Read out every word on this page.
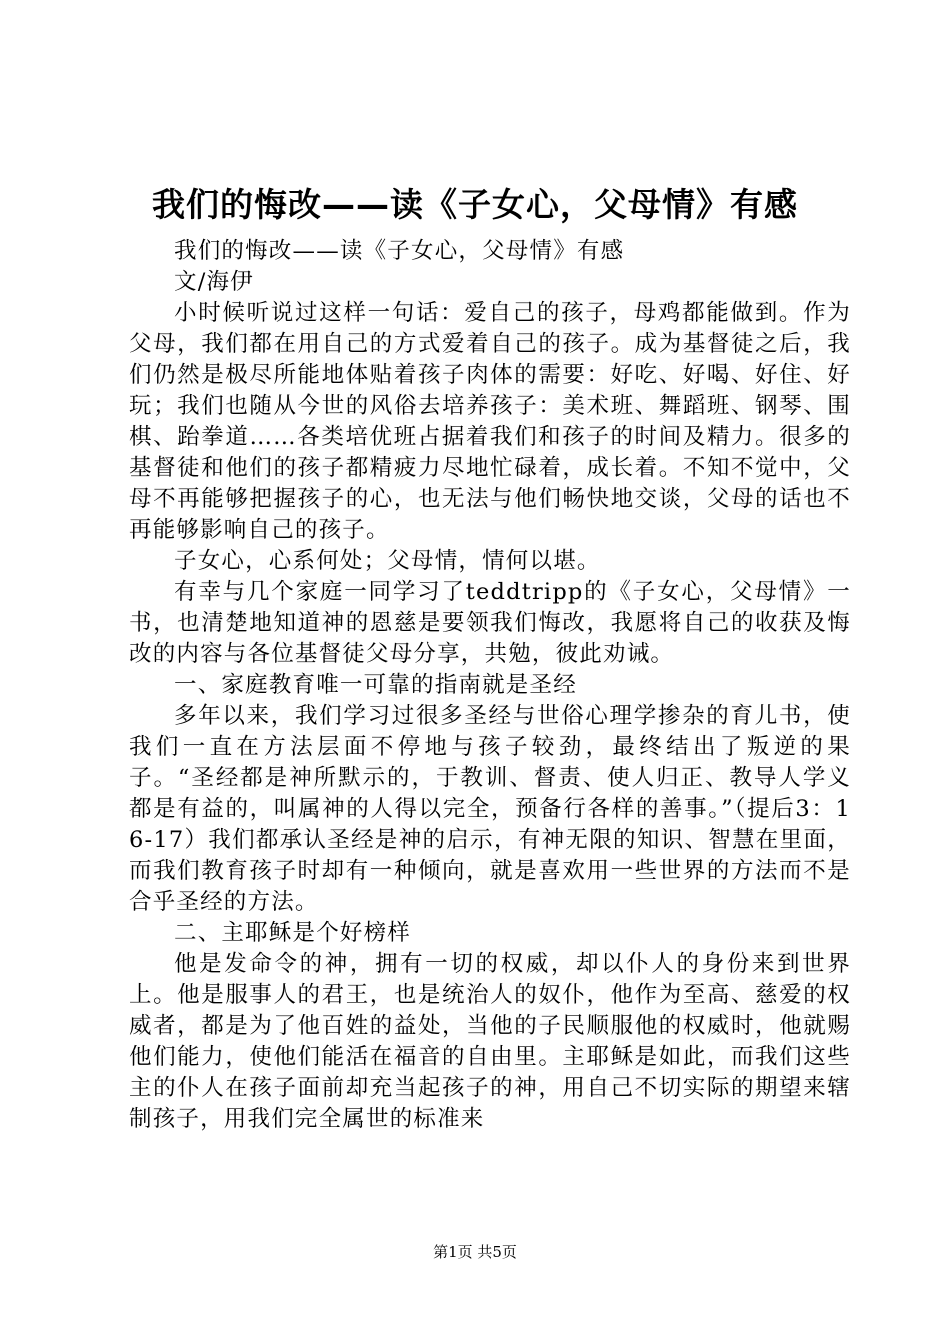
我们的悔改——读《子女心，父母情》有感

我们的悔改——读《子女心，父母情》有感

文/海伊

小时候听说过这样一句话：爱自己的孩子，母鸡都能做到。作为父母，我们都在用自己的方式爱着自己的孩子。成为基督徒之后，我们仍然是极尽所能地体贴着孩子肉体的需要：好吃、好喝、好住、好玩；我们也随从今世的风俗去培养孩子：美术班、舞蹈班、钢琴、围棋、跆拳道……各类培优班占据着我们和孩子的时间及精力。很多的基督徒和他们的孩子都精疲力尽地忙碌着，成长着。不知不觉中，父母不再能够把握孩子的心，也无法与他们畅快地交谈，父母的话也不再能够影响自己的孩子。

子女心，心系何处；父母情，情何以堪。

有幸与几个家庭一同学习了teddtripp的《子女心，父母情》一书，也清楚地知道神的恩慈是要领我们悔改，我愿将自己的收获及悔改的内容与各位基督徒父母分享，共勉，彼此劝诫。

一、家庭教育唯一可靠的指南就是圣经

多年以来，我们学习过很多圣经与世俗心理学掺杂的育儿书，使我们一直在方法层面不停地与孩子较劲，最终结出了叛逆的果子。“圣经都是神所默示的，于教训、督责、使人归正、教导人学义都是有益的，叫属神的人得以完全，预备行各样的善事。”（提后3：16-17）我们都承认圣经是神的启示，有神无限的知识、智慧在里面，而我们教育孩子时却有一种倾向，就是喜欢用一些世界的方法而不是合乎圣经的方法。

二、主耶稣是个好榜样

他是发命令的神，拥有一切的权威，却以仆人的身份来到世界上。他是服事人的君王，也是统治人的奴仆，他作为至高、慈爱的权威者，都是为了他百姓的益处，当他的子民顺服他的权威时，他就赐他们能力，使他们能活在福音的自由里。主耶稣是如此，而我们这些主的仆人在孩子面前却充当起孩子的神，用自己不切实际的期望来辖制孩子，用我们完全属世的标准来

第1页 共5页
